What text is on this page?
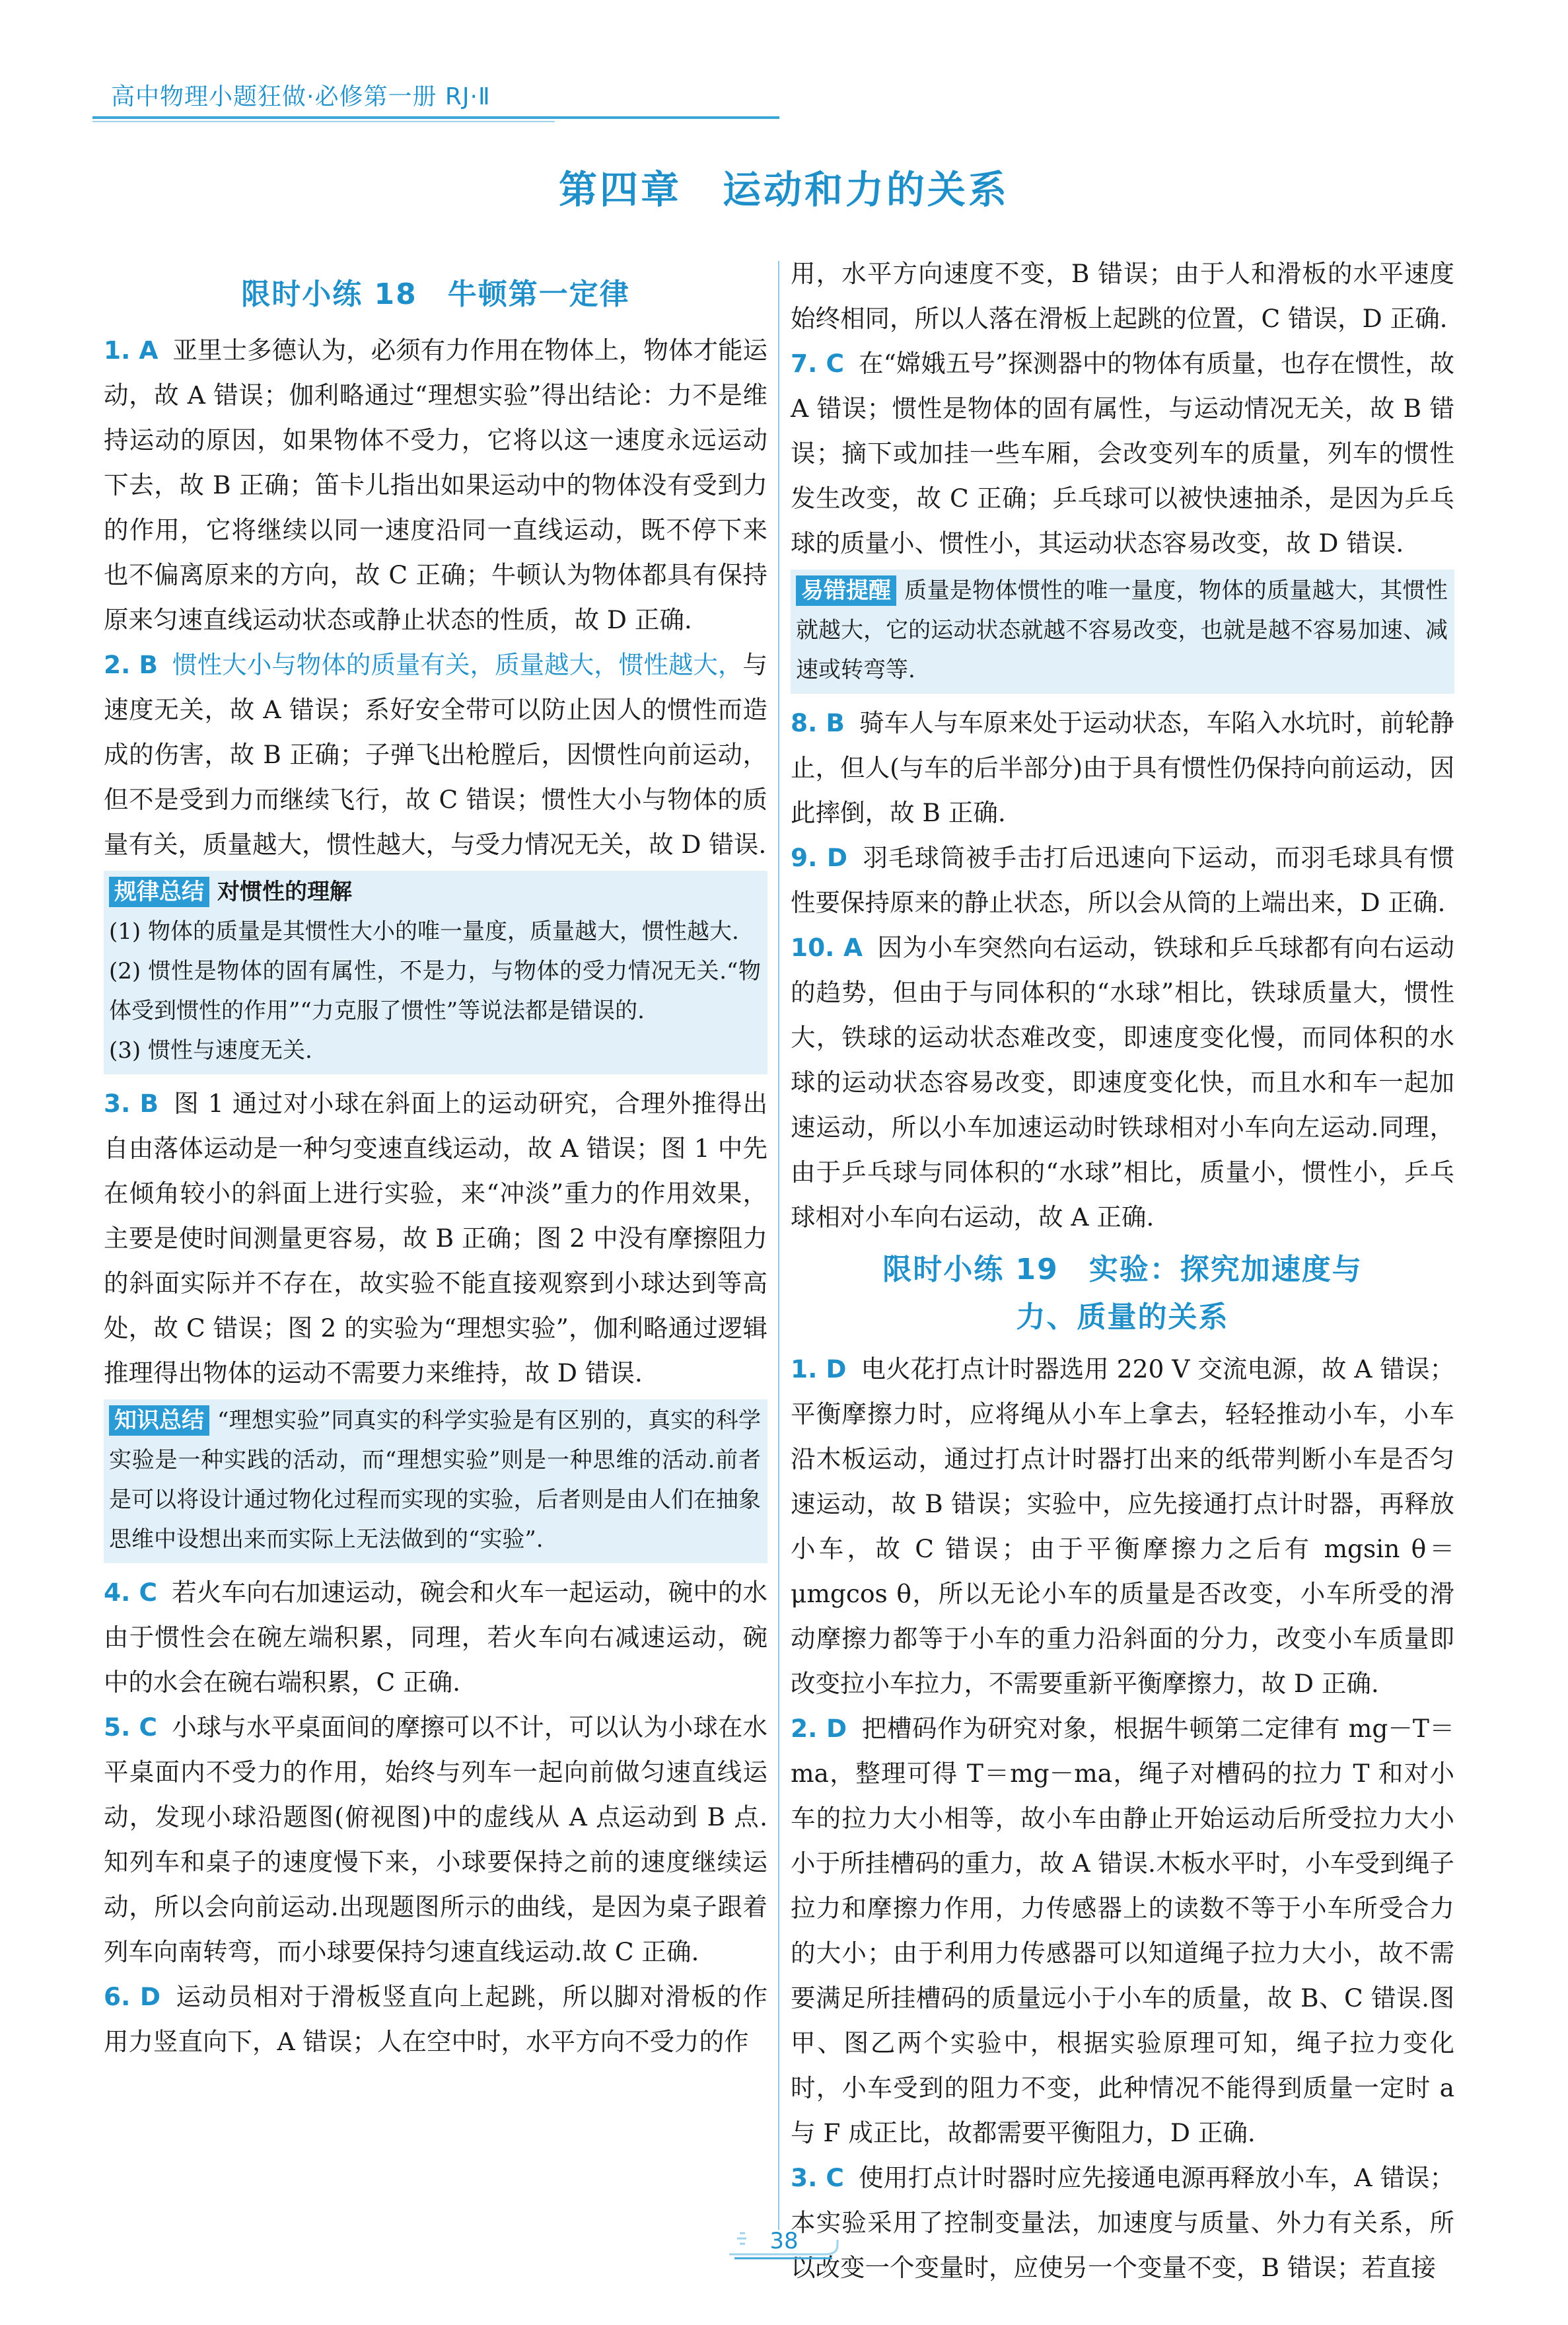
高中物理小题狂做·必修第一册 RJ·Ⅱ
第四章　运动和力的关系
限时小练 18　牛顿第一定律

1. A 亚里士多德认为，必须有力作用在物体上，物体才能运动，故 A 错误；伽利略通过“理想实验”得出结论：力不是维持运动的原因，如果物体不受力，它将以这一速度永远运动下去，故 B 正确；笛卡儿指出如果运动中的物体没有受到力的作用，它将继续以同一速度沿同一直线运动，既不停下来也不偏离原来的方向，故 C 正确；牛顿认为物体都具有保持原来匀速直线运动状态或静止状态的性质，故 D 正确.

2. B 惯性大小与物体的质量有关，质量越大，惯性越大，与速度无关，故 A 错误；系好安全带可以防止因人的惯性而造成的伤害，故 B 正确；子弹飞出枪膛后，因惯性向前运动，但不是受到力而继续飞行，故 C 错误；惯性大小与物体的质量有关，质量越大，惯性越大，与受力情况无关，故 D 错误.

规律总结 对惯性的理解
(1) 物体的质量是其惯性大小的唯一量度，质量越大，惯性越大.
(2) 惯性是物体的固有属性，不是力，与物体的受力情况无关.“物体受到惯性的作用”“力克服了惯性”等说法都是错误的.
(3) 惯性与速度无关.

3. B 图 1 通过对小球在斜面上的运动研究，合理外推得出自由落体运动是一种匀变速直线运动，故 A 错误；图 1 中先在倾角较小的斜面上进行实验，来“冲淡”重力的作用效果，主要是使时间测量更容易，故 B 正确；图 2 中没有摩擦阻力的斜面实际并不存在，故实验不能直接观察到小球达到等高处，故 C 错误；图 2 的实验为“理想实验”，伽利略通过逻辑推理得出物体的运动不需要力来维持，故 D 错误.

知识总结 “理想实验”同真实的科学实验是有区别的，真实的科学实验是一种实践的活动，而“理想实验”则是一种思维的活动.前者是可以将设计通过物化过程而实现的实验，后者则是由人们在抽象思维中设想出来而实际上无法做到的“实验”.

4. C 若火车向右加速运动，碗会和火车一起运动，碗中的水由于惯性会在碗左端积累，同理，若火车向右减速运动，碗中的水会在碗右端积累，C 正确.

5. C 小球与水平桌面间的摩擦可以不计，可以认为小球在水平桌面内不受力的作用，始终与列车一起向前做匀速直线运动，发现小球沿题图(俯视图)中的虚线从 A 点运动到 B 点.知列车和桌子的速度慢下来，小球要保持之前的速度继续运动，所以会向前运动.出现题图所示的曲线，是因为桌子跟着列车向南转弯，而小球要保持匀速直线运动.故 C 正确.

6. D 运动员相对于滑板竖直向上起跳，所以脚对滑板的作用力竖直向下，A 错误；人在空中时，水平方向不受力的作

用，水平方向速度不变，B 错误；由于人和滑板的水平速度始终相同，所以人落在滑板上起跳的位置，C 错误，D 正确.

7. C 在“嫦娥五号”探测器中的物体有质量，也存在惯性，故 A 错误；惯性是物体的固有属性，与运动情况无关，故 B 错误；摘下或加挂一些车厢，会改变列车的质量，列车的惯性发生改变，故 C 正确；乒乓球可以被快速抽杀，是因为乒乓球的质量小、惯性小，其运动状态容易改变，故 D 错误.

易错提醒 质量是物体惯性的唯一量度，物体的质量越大，其惯性就越大，它的运动状态就越不容易改变，也就是越不容易加速、减速或转弯等.

8. B 骑车人与车原来处于运动状态，车陷入水坑时，前轮静止，但人(与车的后半部分)由于具有惯性仍保持向前运动，因此摔倒，故 B 正确.

9. D 羽毛球筒被手击打后迅速向下运动，而羽毛球具有惯性要保持原来的静止状态，所以会从筒的上端出来，D 正确.

10. A 因为小车突然向右运动，铁球和乒乓球都有向右运动的趋势，但由于与同体积的“水球”相比，铁球质量大，惯性大，铁球的运动状态难改变，即速度变化慢，而同体积的水球的运动状态容易改变，即速度变化快，而且水和车一起加速运动，所以小车加速运动时铁球相对小车向左运动.同理，由于乒乓球与同体积的“水球”相比，质量小，惯性小，乒乓球相对小车向右运动，故 A 正确.

限时小练 19　实验：探究加速度与
力、质量的关系

1. D 电火花打点计时器选用 220 V 交流电源，故 A 错误；平衡摩擦力时，应将绳从小车上拿去，轻轻推动小车，小车沿木板运动，通过打点计时器打出来的纸带判断小车是否匀速运动，故 B 错误；实验中，应先接通打点计时器，再释放小车，故 C 错误；由于平衡摩擦力之后有 mgsin θ＝μmgcos θ，所以无论小车的质量是否改变，小车所受的滑动摩擦力都等于小车的重力沿斜面的分力，改变小车质量即改变拉小车拉力，不需要重新平衡摩擦力，故 D 正确.

2. D 把槽码作为研究对象，根据牛顿第二定律有 mg－T＝ma，整理可得 T＝mg－ma，绳子对槽码的拉力 T 和对小车的拉力大小相等，故小车由静止开始运动后所受拉力大小小于所挂槽码的重力，故 A 错误.木板水平时，小车受到绳子拉力和摩擦力作用，力传感器上的读数不等于小车所受合力的大小；由于利用力传感器可以知道绳子拉力大小，故不需要满足所挂槽码的质量远小于小车的质量，故 B、C 错误.图甲、图乙两个实验中，根据实验原理可知，绳子拉力变化时，小车受到的阻力不变，此种情况不能得到质量一定时 a 与 F 成正比，故都需要平衡阻力，D 正确.

3. C 使用打点计时器时应先接通电源再释放小车，A 错误；本实验采用了控制变量法，加速度与质量、外力有关系，所以改变一个变量时，应使另一个变量不变，B 错误；若直接

38
